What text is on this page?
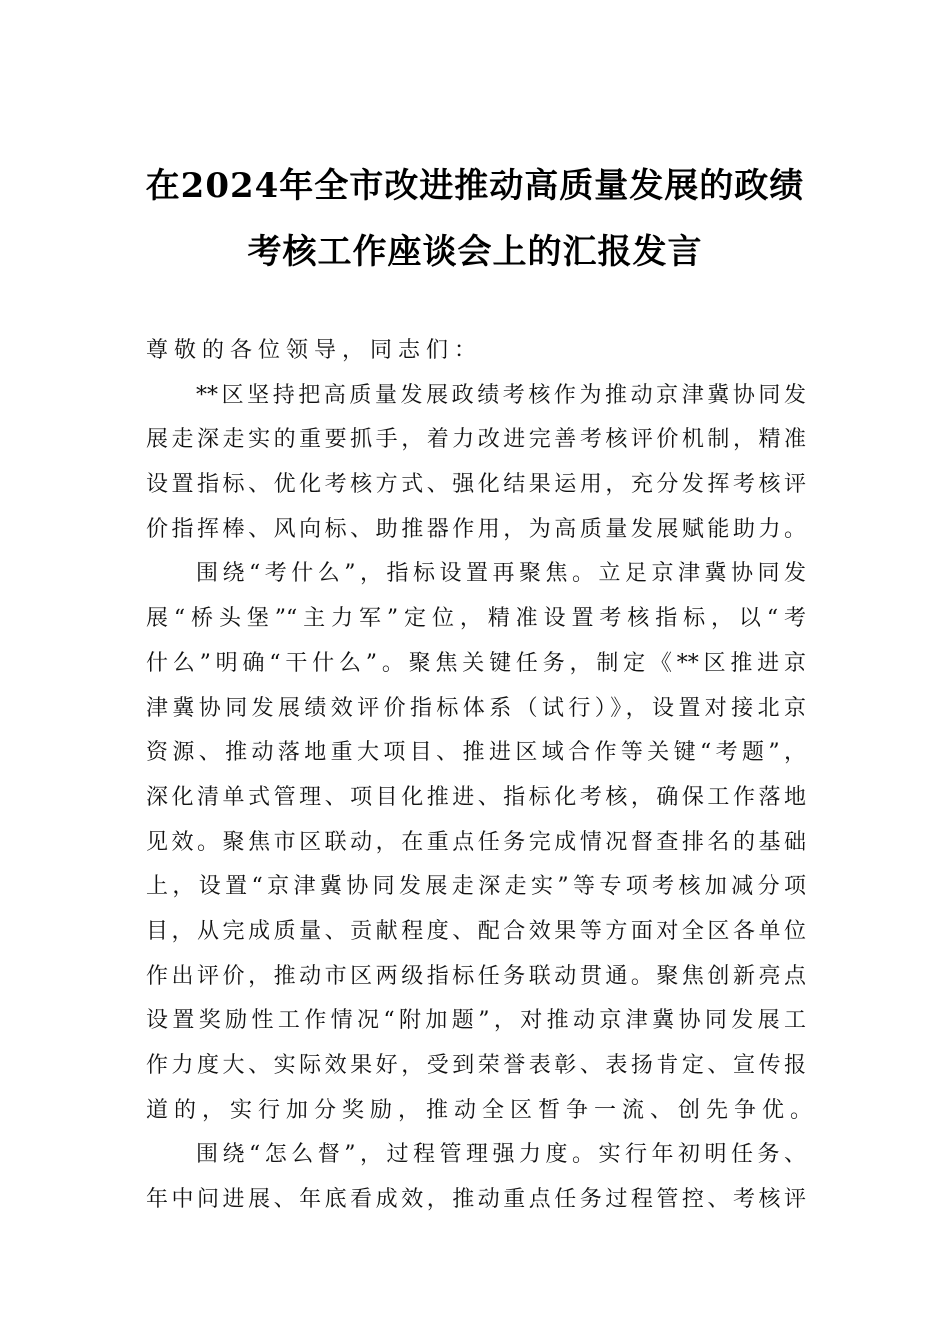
在2024年全市改进推动高质量发展的政绩
考核工作座谈会上的汇报发言
尊敬的各位领导，同志们：
**区坚持把高质量发展政绩考核作为推动京津冀协同发
展走深走实的重要抓手，着力改进完善考核评价机制，精准
设置指标、优化考核方式、强化结果运用，充分发挥考核评
价指挥棒、风向标、助推器作用，为高质量发展赋能助力。
围绕“考什么”，指标设置再聚焦。立足京津冀协同发
展“桥头堡”“主力军”定位，精准设置考核指标，以“考
什么”明确“干什么”。聚焦关键任务，制定《**区推进京
津冀协同发展绩效评价指标体系（试行）》，设置对接北京
资源、推动落地重大项目、推进区域合作等关键“考题”，
深化清单式管理、项目化推进、指标化考核，确保工作落地
见效。聚焦市区联动，在重点任务完成情况督查排名的基础
上，设置“京津冀协同发展走深走实”等专项考核加减分项
目，从完成质量、贡献程度、配合效果等方面对全区各单位
作出评价，推动市区两级指标任务联动贯通。聚焦创新亮点
设置奖励性工作情况“附加题”，对推动京津冀协同发展工
作力度大、实际效果好，受到荣誉表彰、表扬肯定、宣传报
道的，实行加分奖励，推动全区晳争一流、创先争优。
围绕“怎么督”，过程管理强力度。实行年初明任务、
年中问进展、年底看成效，推动重点任务过程管控、考核评
